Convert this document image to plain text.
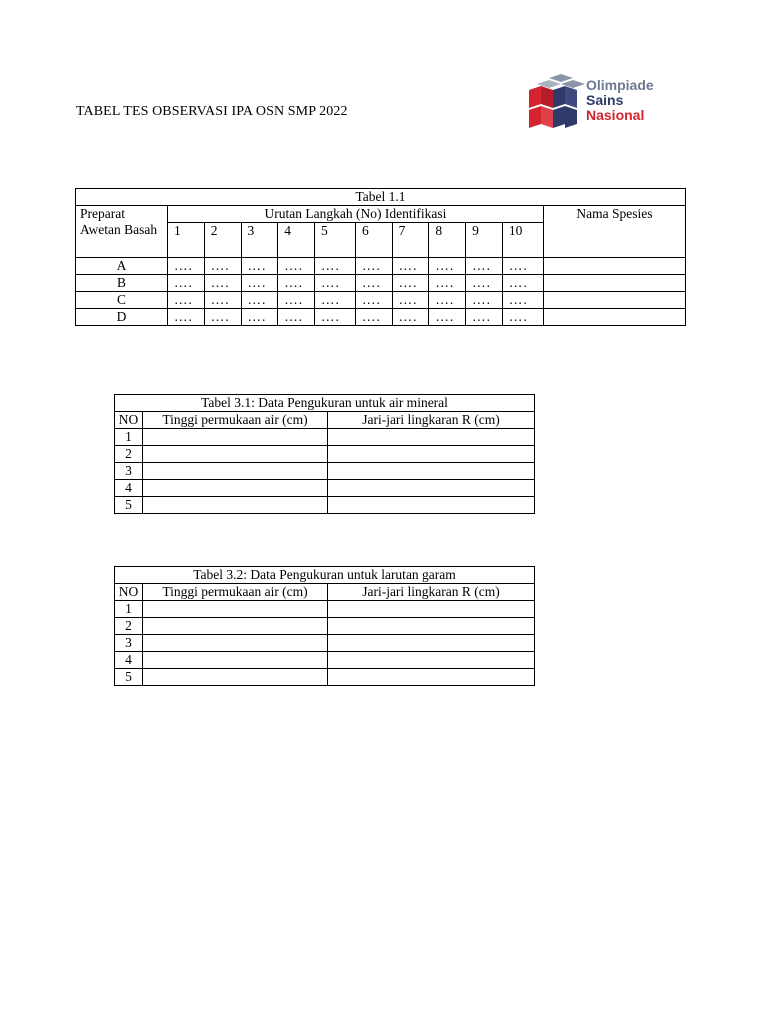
TABEL TES OBSERVASI IPA OSN SMP 2022
Olimpiade
Sains
Nasional
Tabel 1.1											
Preparat Awetan Basah	Urutan Langkah (No) Identifikasi										Nama Spesies
	1	2	3	4	5	6	7	8	9	10	
A	….	….	….	….	….	….	….	….	….	….	
B	….	….	….	….	….	….	….	….	….	….	
C	….	….	….	….	….	….	….	….	….	….	
D	….	….	….	….	….	….	….	….	….	….	
Tabel 3.1: Data Pengukuran untuk air mineral		
NO	Tinggi permukaan air (cm)	Jari-jari lingkaran R (cm)
1		
2		
3		
4		
5		
Tabel 3.2: Data Pengukuran untuk larutan garam		
NO	Tinggi permukaan air (cm)	Jari-jari lingkaran R (cm)
1		
2		
3		
4		
5		
